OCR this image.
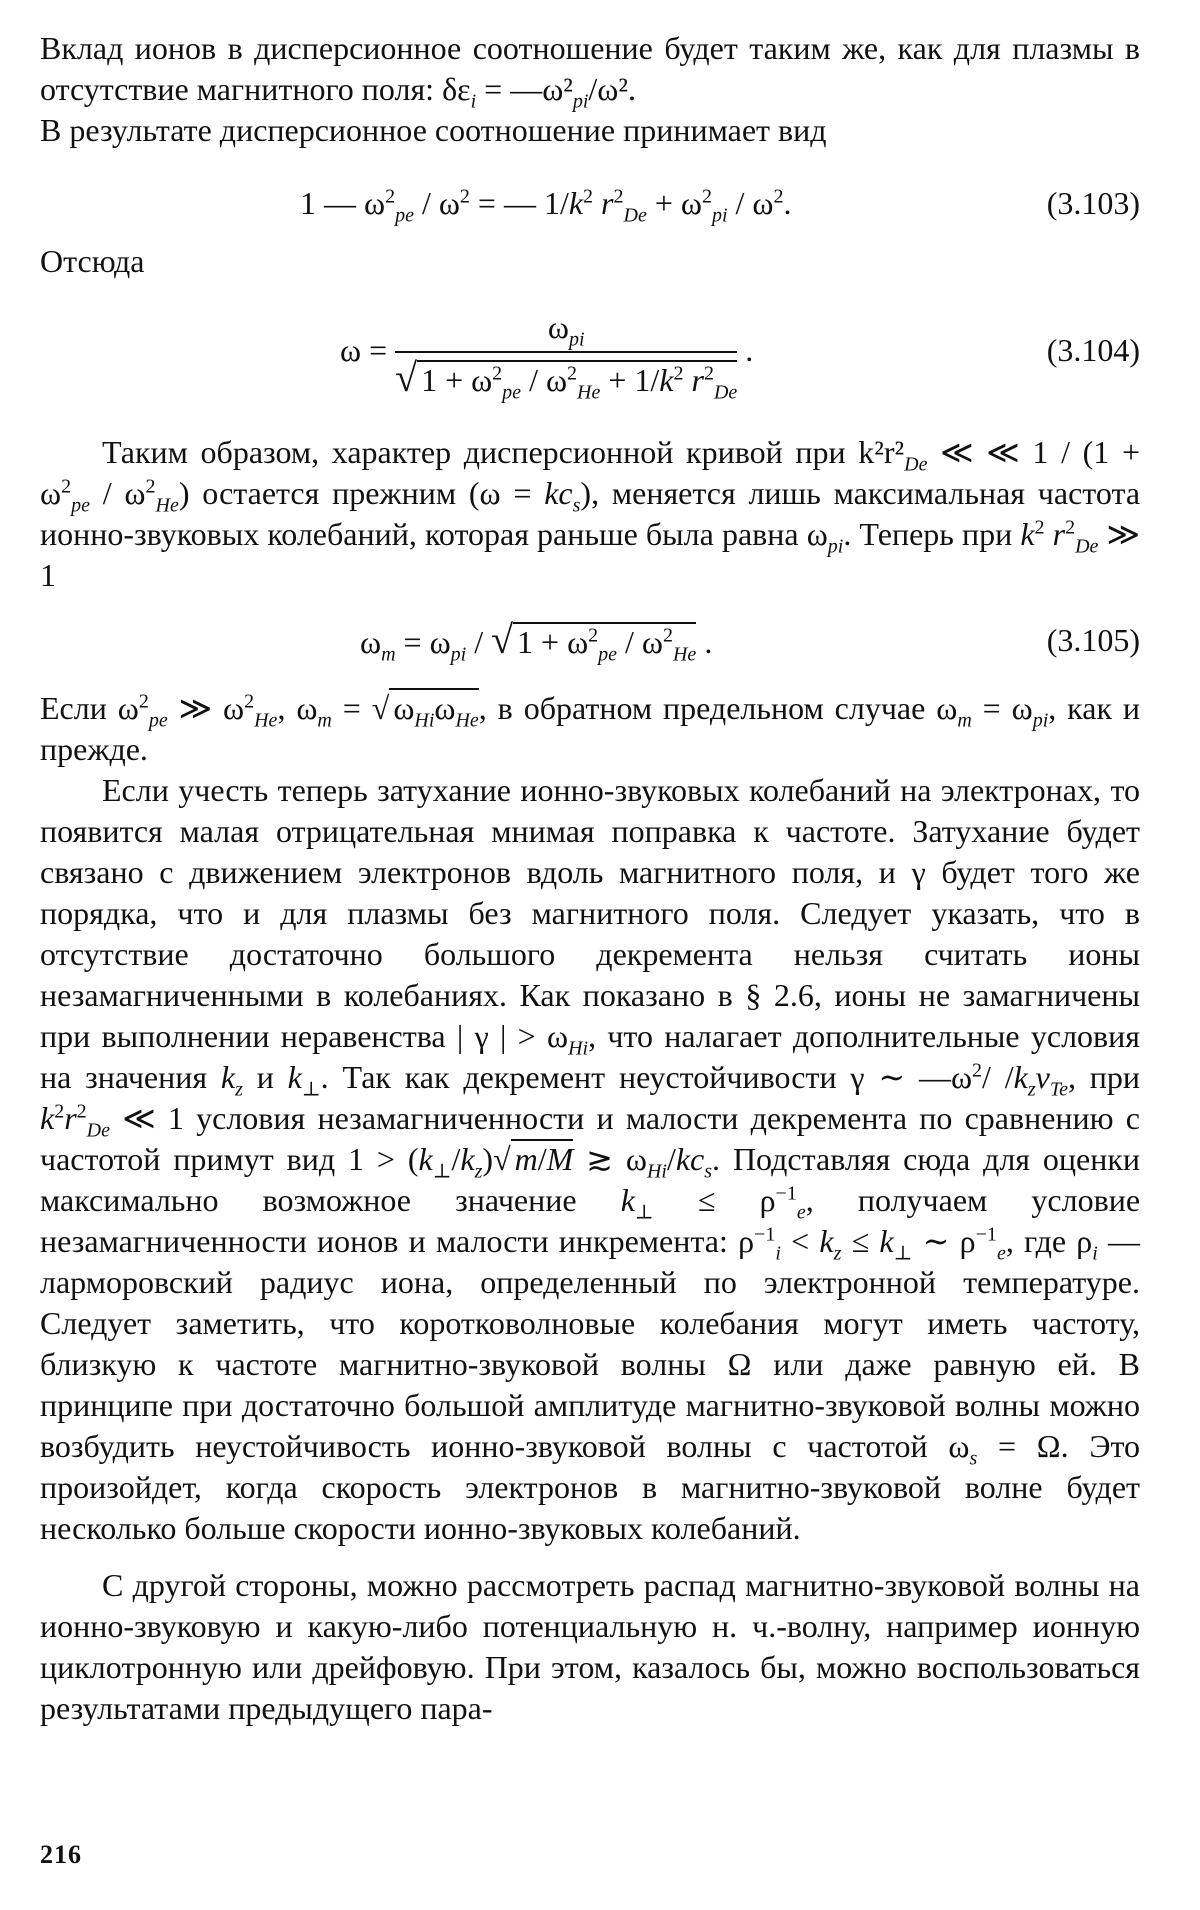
Вклад ионов в дисперсионное соотношение будет таким же, как для плазмы в отсутствие магнитного поля: $\delta\varepsilon_i$ = $—\omega^2_{pi}/\omega^2$.

В результате дисперсионное соотношение принимает вид

1 — $\omega^2_{pe} / \omega^2$ = — $1/k^2$ $r^2_{De} + \omega^2_{pi} / \omega^2$.	(3.103)

Отсюда

$\omega = \frac{\omega_{pi}}{√ 1 + \omega^2_{pe} / \omega^2_{He} + 1/k^2 r^2_{De}}$ .	(3.104)

Таким образом, характер дисперсионной кривой при $k^2r^2_{De}$ ≪ ≪ $1 / (1 + \omega^2_{pe} / \omega^2_{He})$ остается прежним $(\omega = kc_s)$, меняется лишь максимальная частота ионно-звуковых колебаний, которая раньше была равна $\omega_{pi}$. Теперь при $k^2$ $r^2_{De}$ ≫ 1

$\omega_m = \omega_{pi}$ / √ $1 + \omega^2_{pe} / \omega^2_{He}$ .	(3.105)

Если $\omega^2_{pe}$ ≫ $\omega^2_{He}$, $\omega_m$ = √ $\omega_{Hi}\omega_{He}$, в обратном предельном случае $\omega_m = \omega_{pi}$, как и прежде.

Если учесть теперь затухание ионно-звуковых колебаний на электронах, то появится малая отрицательная мнимая поправка к частоте. Затухание будет связано с движением электронов вдоль магнитного поля, и γ будет того же порядка, что и для плазмы без магнитного поля. Следует указать, что в отсутствие достаточно большого декремента нельзя считать ионы незамагниченными в колебаниях. Как показано в § 2.6, ионы не замагничены при выполнении неравенства | γ | > $\omega_{Hi}$, что налагает дополнительные условия на значения $k_z$ и $k_\perp$. Так как декремент неустойчивости γ ∼ $—\omega^2/$ $/k_zv_{Te}$, при $k^2r^2_{De}$ ≪ 1 условия незамагниченности и малости декремента по сравнению с частотой примут вид $1 > (k_\perp/k_z)√$ m/M ≳ $\omega_{Hi}/kc_s$. Подставляя сюда для оценки максимально возможное значение $k_\perp \le \rho^{-1}_e$, получаем условие незамагниченности ионов и малости инкремента: $\rho^{-1}_i < k_z \le k_\perp$ ∼ $\rho^{-1}_e$, где $\rho_i$ — ларморовский радиус иона, определенный по электронной температуре. Следует заметить, что коротковолновые колебания могут иметь частоту, близкую к частоте магнитно-звуковой волны Ω или даже равную ей. В принципе при достаточно большой амплитуде магнитно-звуковой волны можно возбудить неустойчивость ионно-звуковой волны с частотой $\omega_s = \Omega$. Это произойдет, когда скорость электронов в магнитно-звуковой волне будет несколько больше скорости ионно-звуковых колебаний.

С другой стороны, можно рассмотреть распад магнитно-звуковой волны на ионно-звуковую и какую-либо потенциальную н. ч.-волну, например ионную циклотронную или дрейфовую. При этом, казалось бы, можно воспользоваться результатами предыдущего пара-

216
